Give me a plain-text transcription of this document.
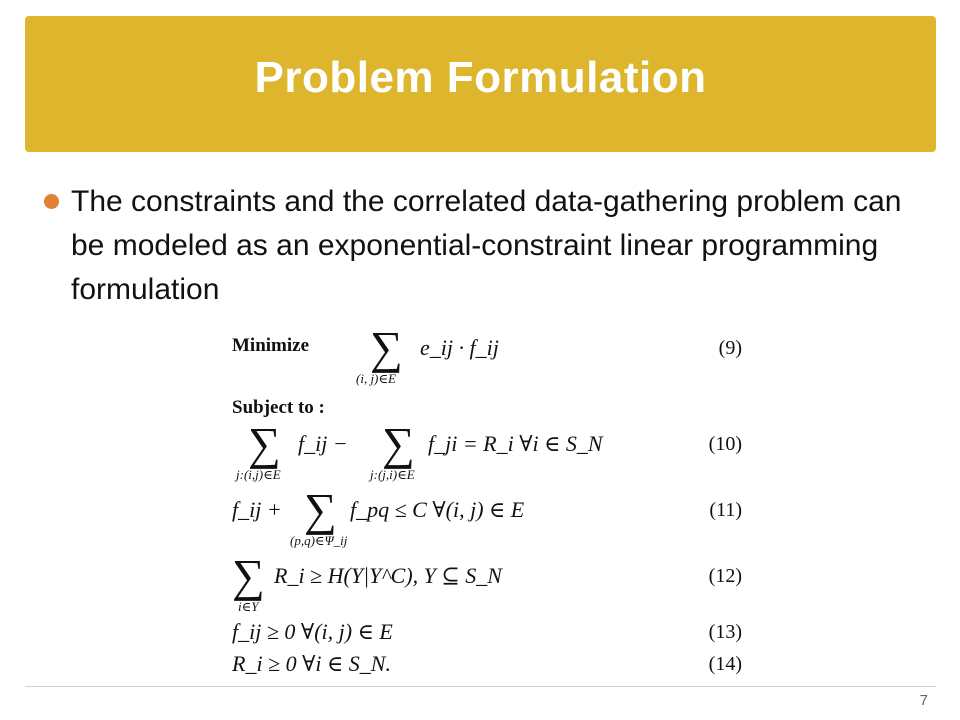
Problem Formulation
The constraints and the correlated data-gathering problem can be modeled as an exponential-constraint linear programming formulation
Minimize ∑
(i, j)∈E
e_ij · f_ij	(9)
Subject to :
∑
j:(i,j)∈E
f_ij − ∑
j:(j,i)∈E
f_ji = R_i ∀i ∈ S_N	(10)
f_ij + ∑
(p,q)∈Ψ_ij
f_pq ≤ C ∀(i, j) ∈ E	(11)
∑
i∈Y
R_i ≥ H(Y|Y^C), Y ⊆ S_N	(12)
f_ij ≥ 0 ∀(i, j) ∈ E	(13)
R_i ≥ 0 ∀i ∈ S_N.	(14)
7
